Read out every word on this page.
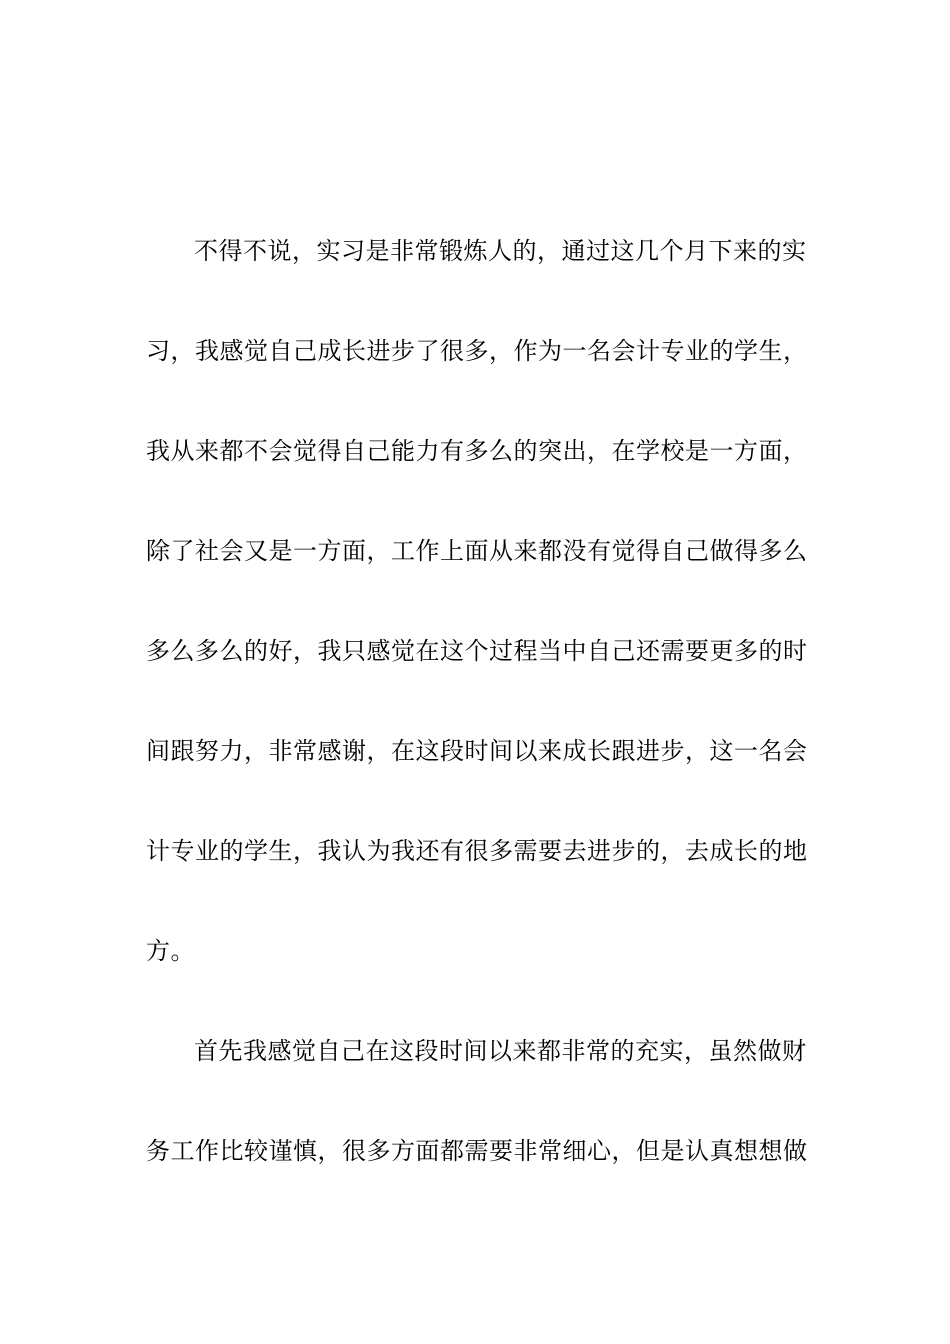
不得不说，实习是非常锻炼人的，通过这几个月下来的实
习，我感觉自己成长进步了很多，作为一名会计专业的学生，
我从来都不会觉得自己能力有多么的突出，在学校是一方面，
除了社会又是一方面，工作上面从来都没有觉得自己做得多么
多么多么的好，我只感觉在这个过程当中自己还需要更多的时
间跟努力，非常感谢，在这段时间以来成长跟进步，这一名会
计专业的学生，我认为我还有很多需要去进步的，去成长的地
方。
首先我感觉自己在这段时间以来都非常的充实，虽然做财
务工作比较谨慎，很多方面都需要非常细心，但是认真想想做
